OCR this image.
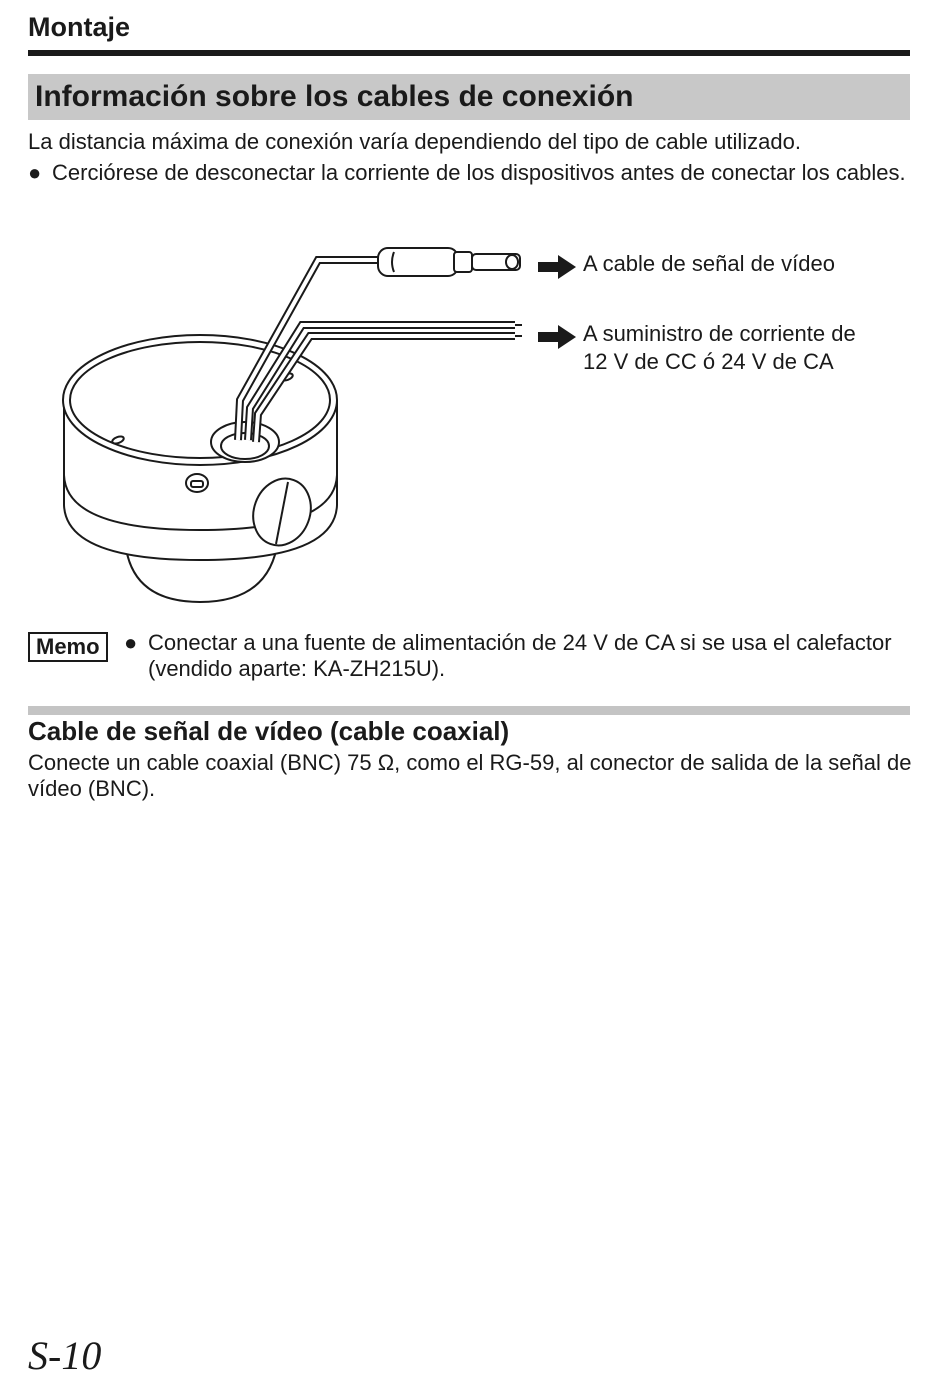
Montaje
Información sobre los cables de conexión

La distancia máxima de conexión varía dependiendo del tipo de cable utilizado.

● Cerciórese de desconectar la corriente de los dispositivos antes de conectar los cables.
A cable de señal de vídeo
A suministro de corriente de
12 V de CC ó 24 V de CA
Memo	● Conectar a una fuente de alimentación de 24 V de CA si se usa el calefactor (vendido aparte: KA-ZH215U).
Cable de señal de vídeo (cable coaxial)

Conecte un cable coaxial (BNC) 75 Ω, como el RG-59, al conector de salida de la señal de vídeo (BNC).

S-10
